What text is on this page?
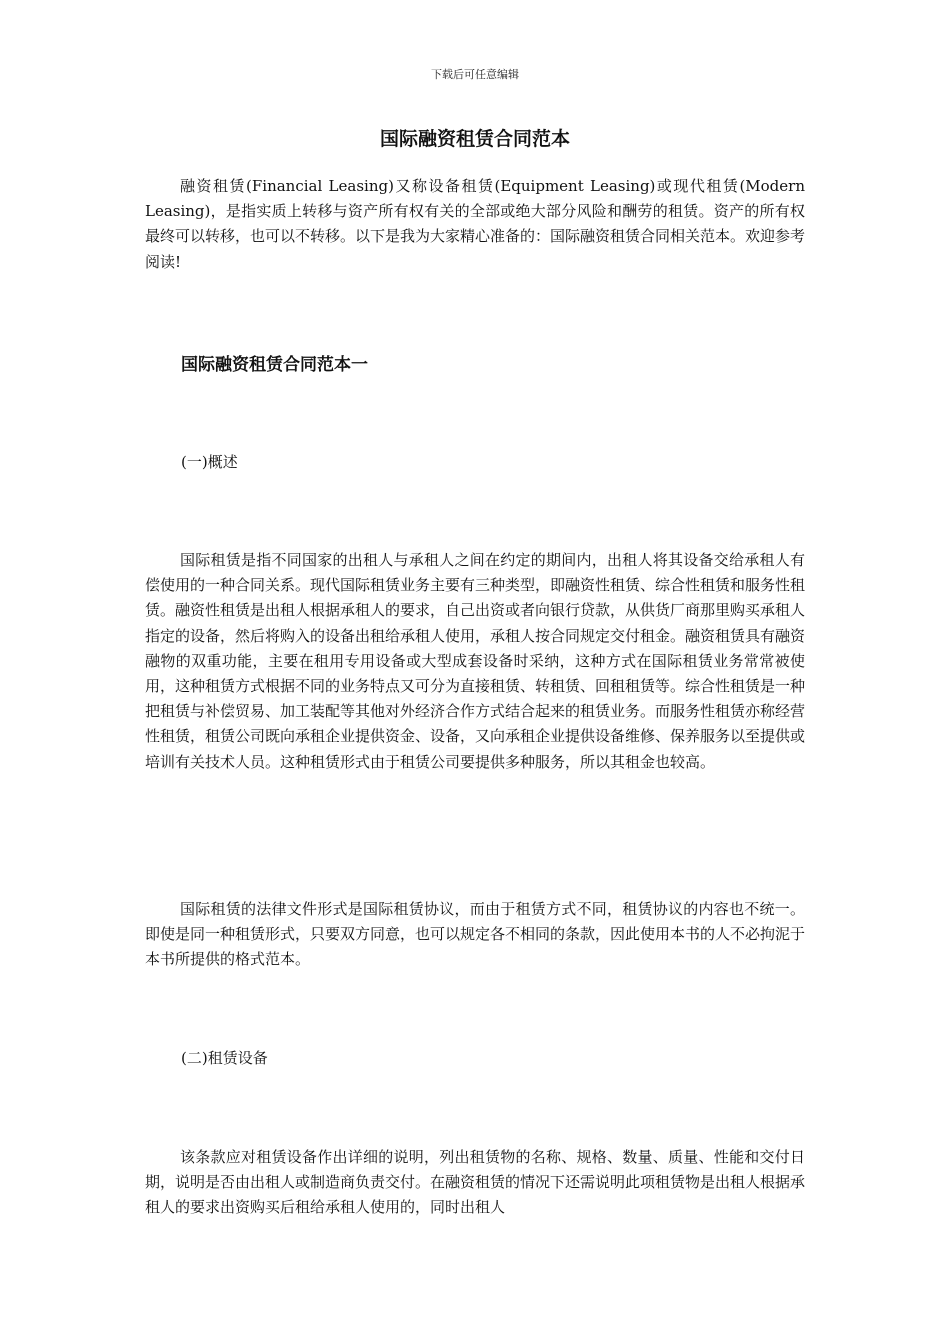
下载后可任意编辑
国际融资租赁合同范本

融资租赁(Financial Leasing)又称设备租赁(Equipment Leasing)或现代租赁(Modern Leasing)，是指实质上转移与资产所有权有关的全部或绝大部分风险和酬劳的租赁。资产的所有权最终可以转移，也可以不转移。以下是我为大家精心准备的：国际融资租赁合同相关范本。欢迎参考阅读!

国际融资租赁合同范本一

(一)概述

国际租赁是指不同国家的出租人与承租人之间在约定的期间内，出租人将其设备交给承租人有偿使用的一种合同关系。现代国际租赁业务主要有三种类型，即融资性租赁、综合性租赁和服务性租赁。融资性租赁是出租人根据承租人的要求，自己出资或者向银行贷款，从供货厂商那里购买承租人指定的设备，然后将购入的设备出租给承租人使用，承租人按合同规定交付租金。融资租赁具有融资融物的双重功能，主要在租用专用设备或大型成套设备时采纳，这种方式在国际租赁业务常常被使用，这种租赁方式根据不同的业务特点又可分为直接租赁、转租赁、回租租赁等。综合性租赁是一种把租赁与补偿贸易、加工装配等其他对外经济合作方式结合起来的租赁业务。而服务性租赁亦称经营性租赁，租赁公司既向承租企业提供资金、设备，又向承租企业提供设备维修、保养服务以至提供或培训有关技术人员。这种租赁形式由于租赁公司要提供多种服务，所以其租金也较高。

国际租赁的法律文件形式是国际租赁协议，而由于租赁方式不同，租赁协议的内容也不统一。即使是同一种租赁形式，只要双方同意，也可以规定各不相同的条款，因此使用本书的人不必拘泥于本书所提供的格式范本。

(二)租赁设备

该条款应对租赁设备作出详细的说明，列出租赁物的名称、规格、数量、质量、性能和交付日期，说明是否由出租人或制造商负责交付。在融资租赁的情况下还需说明此项租赁物是出租人根据承租人的要求出资购买后租给承租人使用的，同时出租人
